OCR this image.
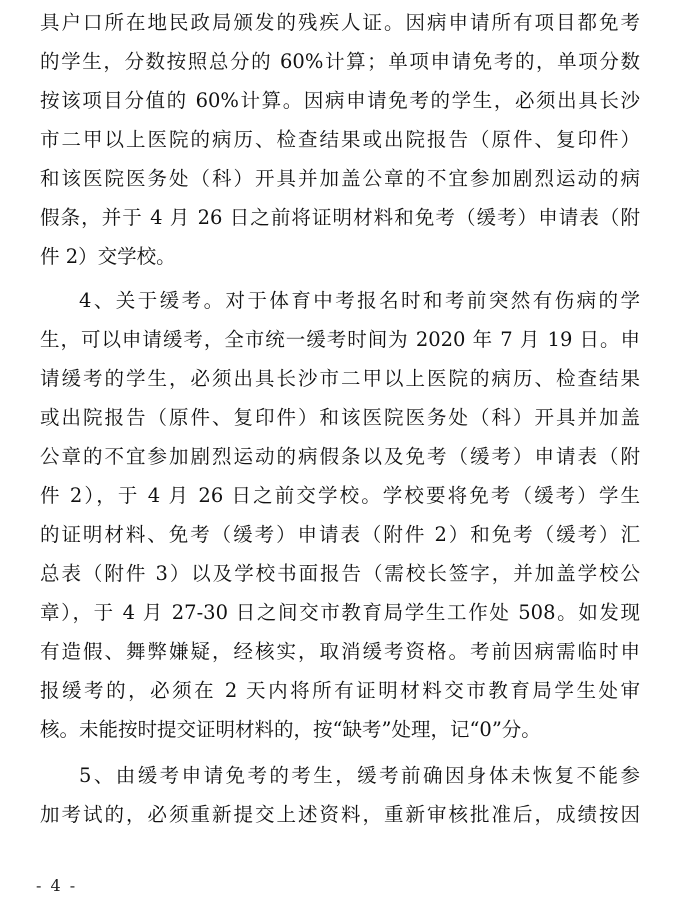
具户口所在地民政局颁发的残疾人证。因病申请所有项目都免考
的学生，分数按照总分的 60%计算；单项申请免考的，单项分数
按该项目分值的 60%计算。因病申请免考的学生，必须出具长沙
市二甲以上医院的病历、检查结果或出院报告（原件、复印件）
和该医院医务处（科）开具并加盖公章的不宜参加剧烈运动的病
假条，并于 4 月 26 日之前将证明材料和免考（缓考）申请表（附
件 2）交学校。
4、关于缓考。对于体育中考报名时和考前突然有伤病的学
生，可以申请缓考，全市统一缓考时间为 2020 年 7 月 19 日。申
请缓考的学生，必须出具长沙市二甲以上医院的病历、检查结果
或出院报告（原件、复印件）和该医院医务处（科）开具并加盖
公章的不宜参加剧烈运动的病假条以及免考（缓考）申请表（附
件 2），于 4 月 26 日之前交学校。学校要将免考（缓考）学生
的证明材料、免考（缓考）申请表（附件 2）和免考（缓考）汇
总表（附件 3）以及学校书面报告（需校长签字，并加盖学校公
章），于 4 月 27-30 日之间交市教育局学生工作处 508。如发现
有造假、舞弊嫌疑，经核实，取消缓考资格。考前因病需临时申
报缓考的，必须在 2 天内将所有证明材料交市教育局学生处审
核。未能按时提交证明材料的，按“缺考”处理，记“0”分。
5、由缓考申请免考的考生，缓考前确因身体未恢复不能参
加考试的，必须重新提交上述资料，重新审核批准后，成绩按因
- 4 -
